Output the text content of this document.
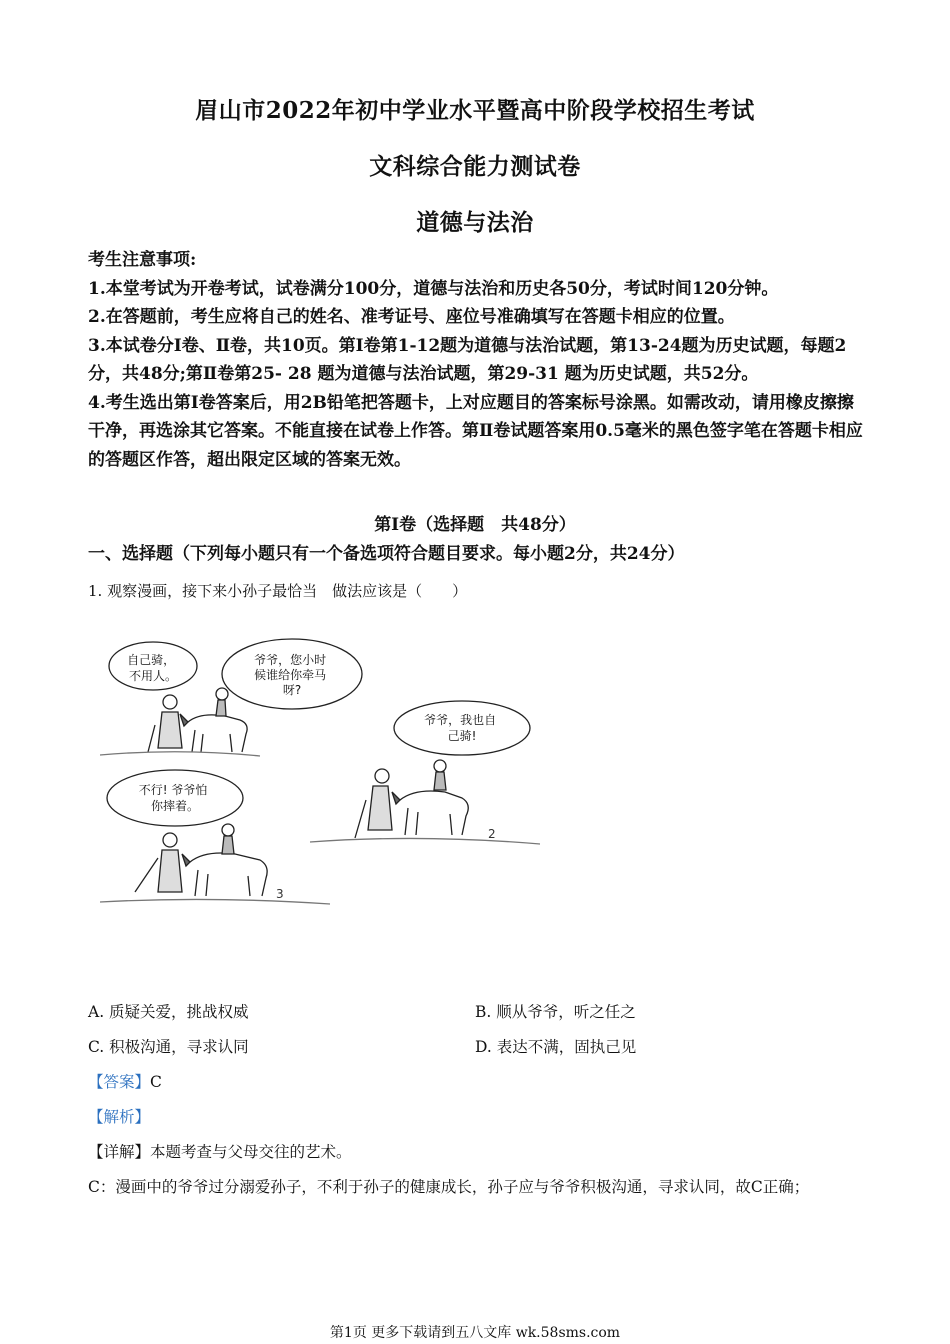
眉山市2022年初中学业水平暨高中阶段学校招生考试
文科综合能力测试卷
道德与法治

考生注意事项:

1.本堂考试为开卷考试，试卷满分100分，道德与法治和历史各50分，考试时间120分钟。

2.在答题前，考生应将自己的姓名、准考证号、座位号准确填写在答题卡相应的位置。

3.本试卷分Ⅰ卷、Ⅱ卷，共10页。第Ⅰ卷第1-12题为道德与法治试题，第13-24题为历史试题，每题2分，共48分;第Ⅱ卷第25- 28 题为道德与法治试题，第29-31 题为历史试题，共52分。

4.考生选出第Ⅰ卷答案后，用2B铅笔把答题卡，上对应题目的答案标号涂黑。如需改动，请用橡皮擦擦干净，再选涂其它答案。不能直接在试卷上作答。第Ⅱ卷试题答案用0.5毫米的黑色签字笔在答题卡相应的答题区作答，超出限定区域的答案无效。

第Ⅰ卷（选择题　共48分）
一、选择题（下列每小题只有一个备选项符合题目要求。每小题2分，共24分）
1. 观察漫画，接下来小孙子最恰当　做法应该是（　　）
自己骑， 不用人。
爷爷，您小时 候谁给你牵马 呀?
爷爷，我也自 己骑!
2
不行! 爷爷怕 你摔着。
3
A. 质疑关爱，挑战权威	B. 顺从爷爷，听之任之
C. 积极沟通，寻求认同	D. 表达不满，固执己见
【答案】C
【解析】
【详解】本题考查与父母交往的艺术。
C：漫画中的爷爷过分溺爱孙子，不利于孙子的健康成长，孙子应与爷爷积极沟通，寻求认同，故C正确；
第1页 更多下载请到五八文库 wk.58sms.com
